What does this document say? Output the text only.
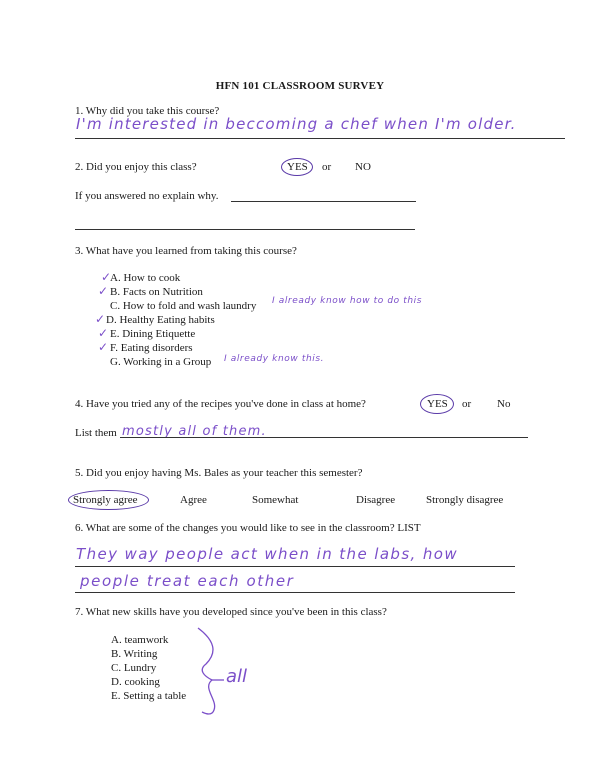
HFN 101 CLASSROOM SURVEY
1. Why did you take this course?
I'm interested in beccoming a chef when I'm older.
2. Did you enjoy this class?	YES or NO
If you answered no explain why.
3. What have you learned from taking this course?
✓
A. How to cook
✓ B. Facts on Nutrition
C. How to fold and wash laundry I already know how to do this
✓ D. Healthy Eating habits
✓ E. Dining Etiquette
✓ F. Eating disorders
G. Working in a Group I already know this.
4. Have you tried any of the recipes you've done in class at home?	YES or No
List them mostly all of them.
5. Did you enjoy having Ms. Bales as your teacher this semester?
Strongly agree	Agree	Somewhat	Disagree	Strongly disagree
6. What are some of the changes you would like to see in the classroom? LIST
They way people act when in the labs, how
people treat each other
7. What new skills have you developed since you've been in this class?
A. teamwork
B. Writing
C. Lundry
D. cooking
E. Setting a table
all
